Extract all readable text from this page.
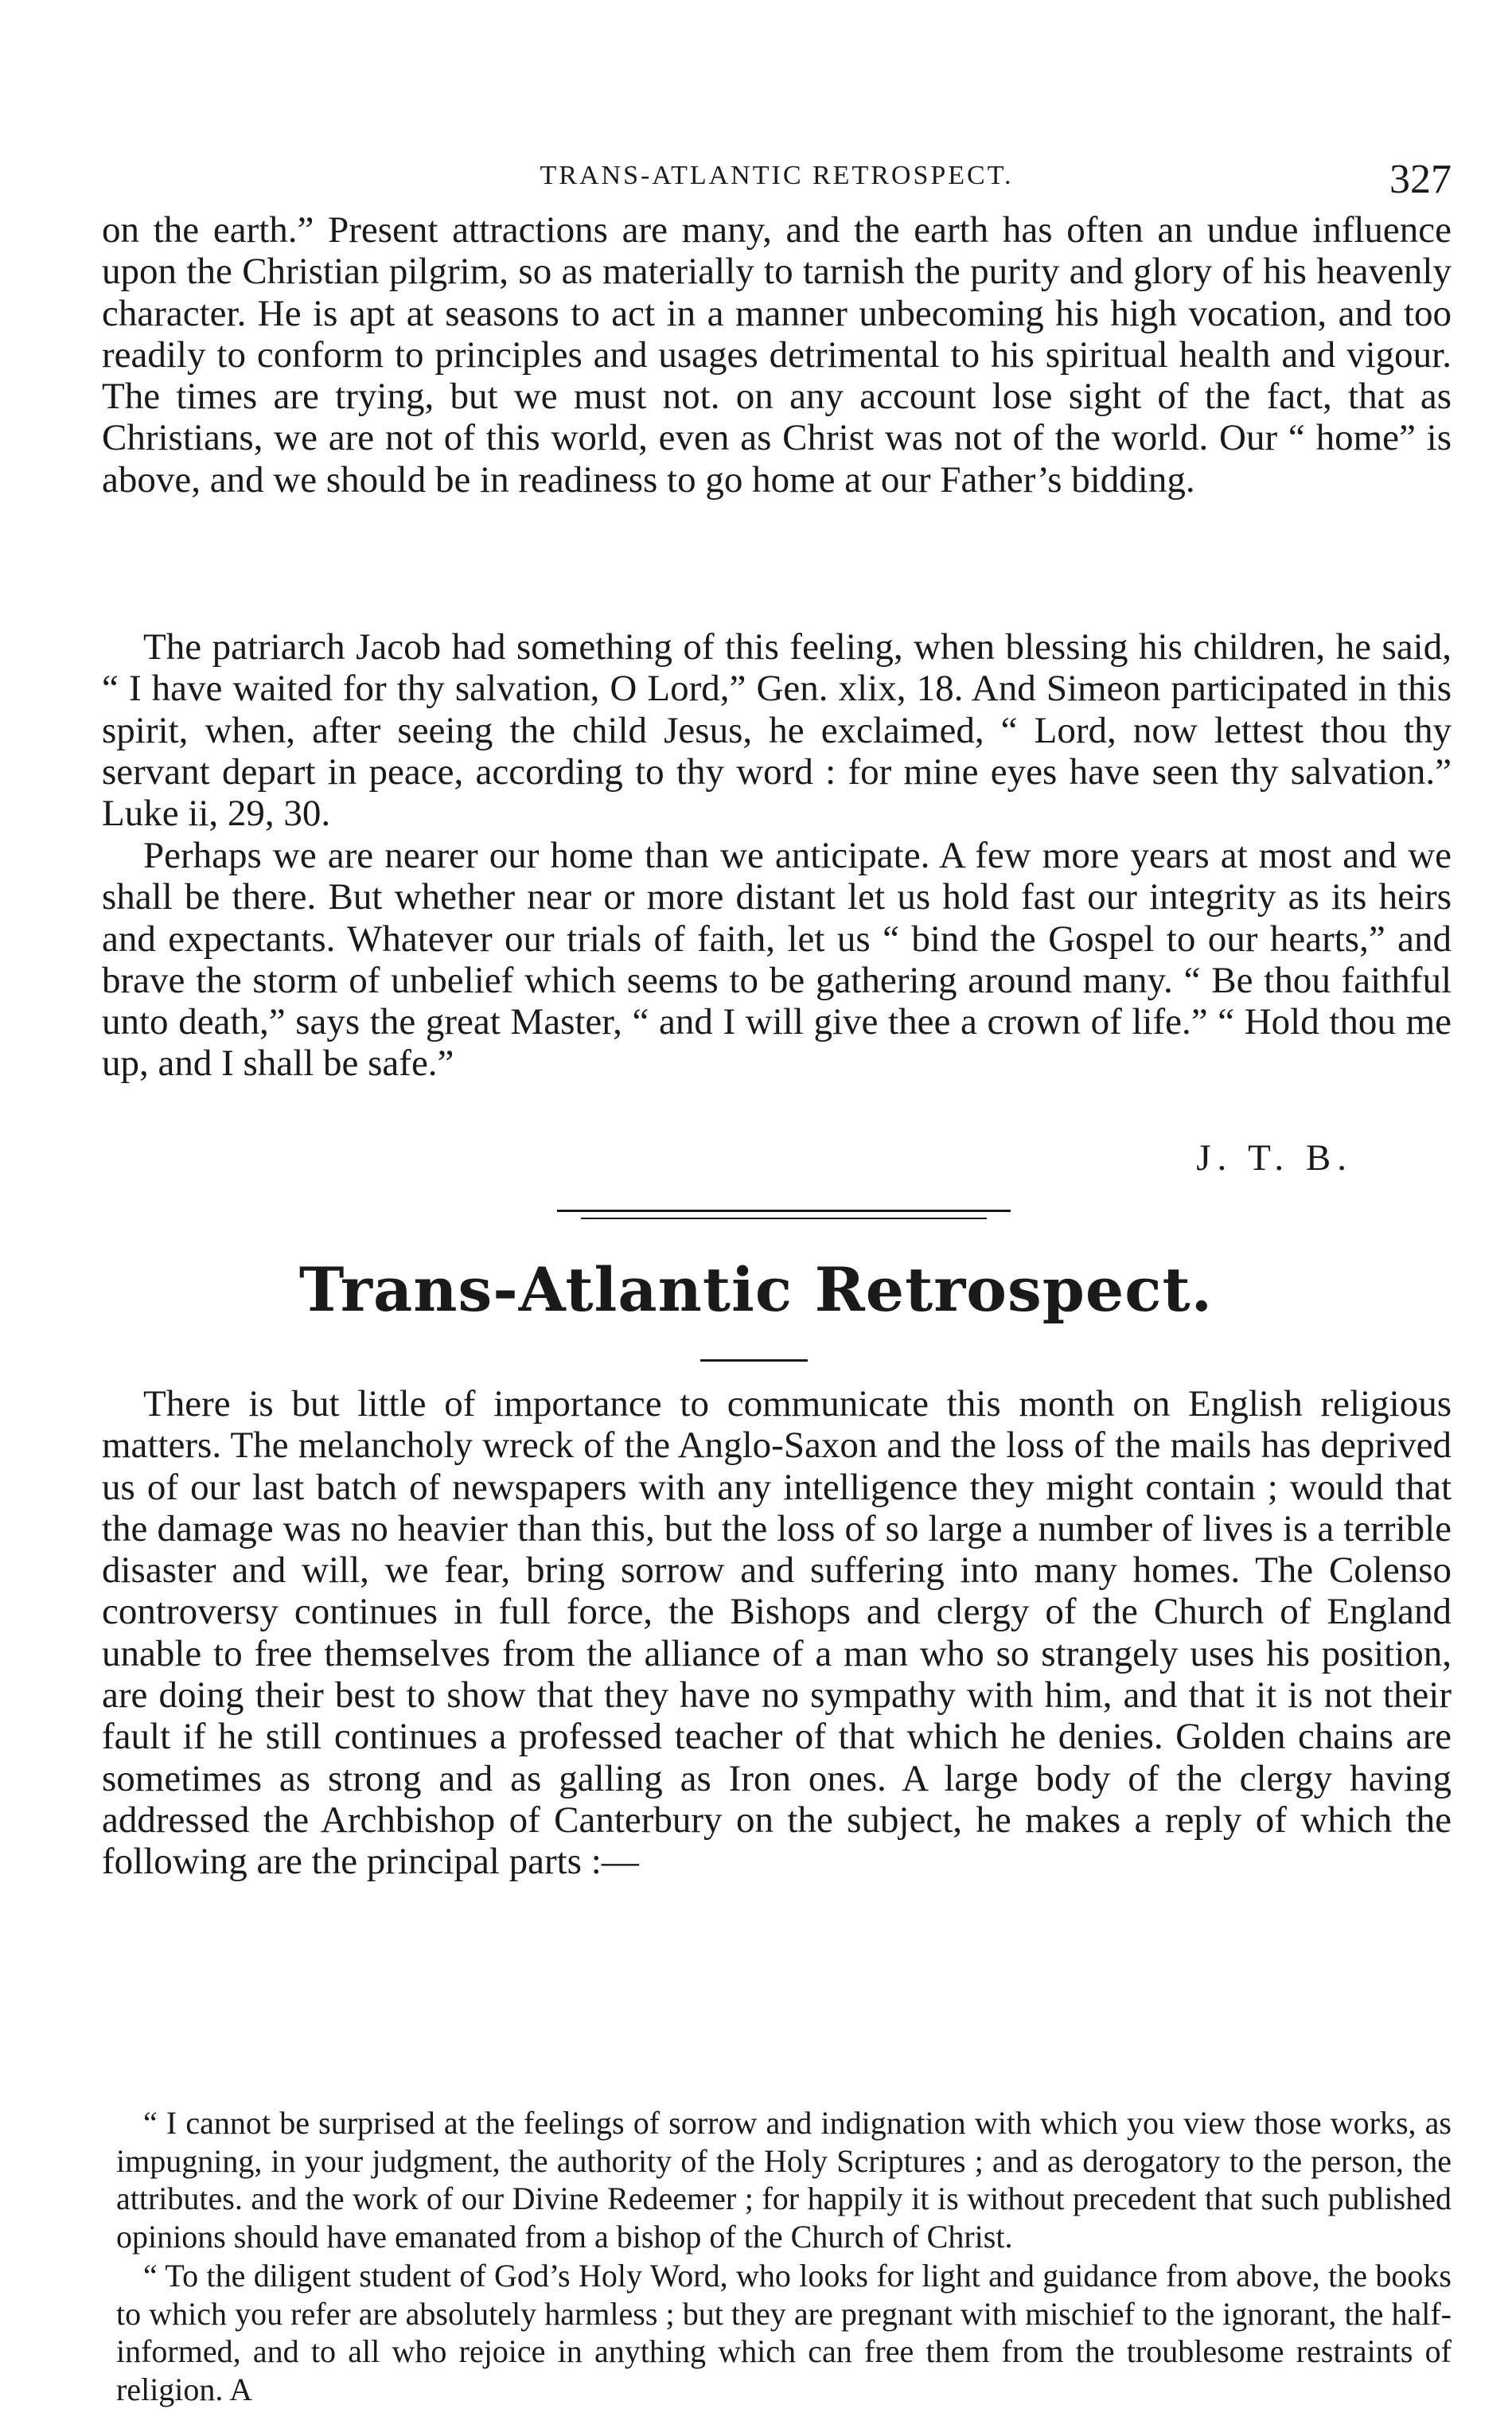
TRANS-ATLANTIC RETROSPECT.	327

on the earth.” Present attractions are many, and the earth has often an undue influence upon the Christian pilgrim, so as materially to tarnish the purity and glory of his heavenly character. He is apt at seasons to act in a manner unbecoming his high vocation, and too readily to conform to principles and usages detrimental to his spiritual health and vigour. The times are trying, but we must not. on any account lose sight of the fact, that as Christians, we are not of this world, even as Christ was not of the world. Our “ home” is above, and we should be in readiness to go home at our Father’s bidding.

The patriarch Jacob had something of this feeling, when blessing his children, he said, “ I have waited for thy salvation, O Lord,” Gen. xlix, 18. And Simeon participated in this spirit, when, after seeing the child Jesus, he exclaimed, “ Lord, now lettest thou thy servant depart in peace, according to thy word : for mine eyes have seen thy salvation.” Luke ii, 29, 30.

Perhaps we are nearer our home than we anticipate. A few more years at most and we shall be there. But whether near or more distant let us hold fast our integrity as its heirs and expectants. Whatever our trials of faith, let us “ bind the Gospel to our hearts,” and brave the storm of unbelief which seems to be gathering around many. “ Be thou faithful unto death,” says the great Master, “ and I will give thee a crown of life.” “ Hold thou me up, and I shall be safe.”

J. T. B.
Trans-Atlantic Retrospect.

There is but little of importance to communicate this month on English religious matters. The melancholy wreck of the Anglo-Saxon and the loss of the mails has deprived us of our last batch of newspapers with any intelligence they might contain ; would that the damage was no heavier than this, but the loss of so large a number of lives is a terrible disaster and will, we fear, bring sorrow and suffering into many homes. The Colenso controversy continues in full force, the Bishops and clergy of the Church of England unable to free themselves from the alliance of a man who so strangely uses his position, are doing their best to show that they have no sympathy with him, and that it is not their fault if he still continues a professed teacher of that which he denies. Golden chains are sometimes as strong and as galling as Iron ones. A large body of the clergy having addressed the Archbishop of Canterbury on the subject, he makes a reply of which the following are the principal parts :—

“ I cannot be surprised at the feelings of sorrow and indignation with which you view those works, as impugning, in your judgment, the authority of the Holy Scriptures ; and as derogatory to the person, the attributes. and the work of our Divine Redeemer ; for happily it is without precedent that such published opinions should have emanated from a bishop of the Church of Christ.

“ To the diligent student of God’s Holy Word, who looks for light and guidance from above, the books to which you refer are absolutely harmless ; but they are pregnant with mischief to the ignorant, the half-informed, and to all who rejoice in anything which can free them from the troublesome restraints of religion. A
